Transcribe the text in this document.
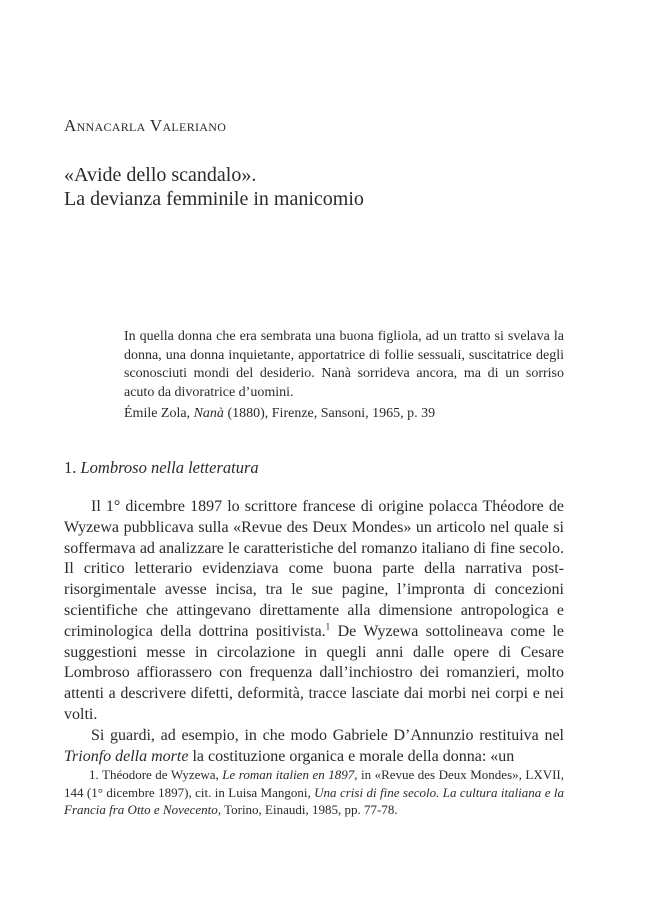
Annacarla Valeriano
«Avide dello scandalo».
La devianza femminile in manicomio

In quella donna che era sembrata una buona figliola, ad un tratto si svelava la donna, una donna inquietante, apportatrice di follie sessuali, suscitatrice degli sconosciuti mondi del desiderio. Nanà sorrideva ancora, ma di un sorriso acuto da divoratrice d’uomini.

Émile Zola, Nanà (1880), Firenze, Sansoni, 1965, p. 39

1. Lombroso nella letteratura

Il 1° dicembre 1897 lo scrittore francese di origine polacca Théodore de Wyzewa pubblicava sulla «Revue des Deux Mondes» un articolo nel quale si soffermava ad analizzare le caratteristiche del romanzo italiano di fine secolo. Il critico letterario evidenziava come buona parte della narrativa post-risorgimentale avesse incisa, tra le sue pagine, l’impronta di concezioni scientifiche che attingevano direttamente alla dimensione antropologica e criminologica della dottrina positivista.$^1$ De Wyzewa sottolineava come le suggestioni messe in circolazione in quegli anni dalle opere di Cesare Lombroso affiorassero con frequenza dall’inchiostro dei romanzieri, molto attenti a descrivere difetti, deformità, tracce lasciate dai morbi nei corpi e nei volti.

Si guardi, ad esempio, in che modo Gabriele D’Annunzio restituiva nel Trionfo della morte la costituzione organica e morale della donna: «un

1. Théodore de Wyzewa, Le roman italien en 1897, in «Revue des Deux Mondes», LXVII, 144 (1° dicembre 1897), cit. in Luisa Mangoni, Una crisi di fine secolo. La cultura italiana e la Francia fra Otto e Novecento, Torino, Einaudi, 1985, pp. 77-78.
